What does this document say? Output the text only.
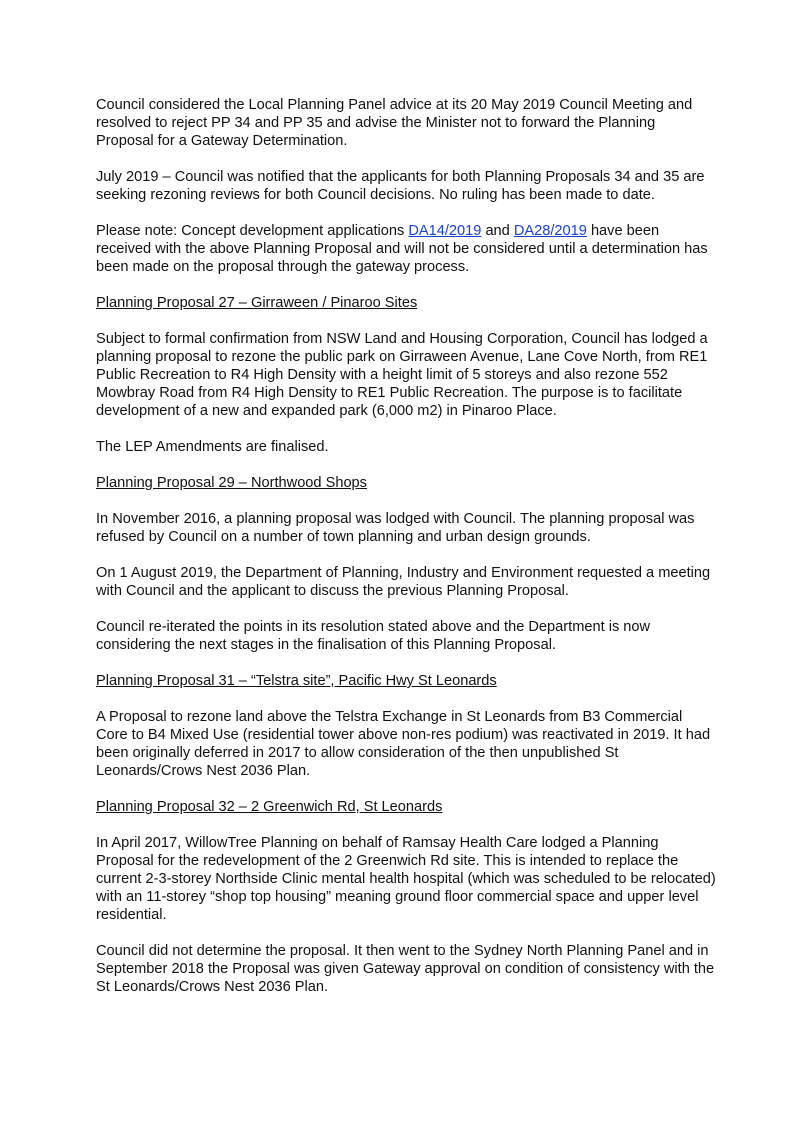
Council considered the Local Planning Panel advice at its 20 May 2019 Council Meeting and resolved to reject PP 34 and PP 35 and advise the Minister not to forward the Planning Proposal for a Gateway Determination.

July 2019 – Council was notified that the applicants for both Planning Proposals 34 and 35 are seeking rezoning reviews for both Council decisions. No ruling has been made to date.

Please note: Concept development applications DA14/2019 and DA28/2019 have been received with the above Planning Proposal and will not be considered until a determination has been made on the proposal through the gateway process.

Planning Proposal 27 – Girraween / Pinaroo Sites

Subject to formal confirmation from NSW Land and Housing Corporation, Council has lodged a planning proposal to rezone the public park on Girraween Avenue, Lane Cove North, from RE1 Public Recreation to R4 High Density with a height limit of 5 storeys and also rezone 552 Mowbray Road from R4 High Density to RE1 Public Recreation. The purpose is to facilitate development of a new and expanded park (6,000 m2) in Pinaroo Place.

The LEP Amendments are finalised.

Planning Proposal 29 – Northwood Shops

In November 2016, a planning proposal was lodged with Council. The planning proposal was refused by Council on a number of town planning and urban design grounds.

On 1 August 2019, the Department of Planning, Industry and Environment requested a meeting with Council and the applicant to discuss the previous Planning Proposal.

Council re-iterated the points in its resolution stated above and the Department is now considering the next stages in the finalisation of this Planning Proposal.

Planning Proposal 31 – “Telstra site”, Pacific Hwy St Leonards

A Proposal to rezone land above the Telstra Exchange in St Leonards from B3 Commercial Core to B4 Mixed Use (residential tower above non-res podium) was reactivated in 2019. It had been originally deferred in 2017 to allow consideration of the then unpublished St Leonards/Crows Nest 2036 Plan.

Planning Proposal 32 – 2 Greenwich Rd, St Leonards

In April 2017, WillowTree Planning on behalf of Ramsay Health Care lodged a Planning Proposal for the redevelopment of the 2 Greenwich Rd site. This is intended to replace the current 2-3-storey Northside Clinic mental health hospital (which was scheduled to be relocated) with an 11-storey “shop top housing” meaning ground floor commercial space and upper level residential.

Council did not determine the proposal. It then went to the Sydney North Planning Panel and in September 2018 the Proposal was given Gateway approval on condition of consistency with the St Leonards/Crows Nest 2036 Plan.
